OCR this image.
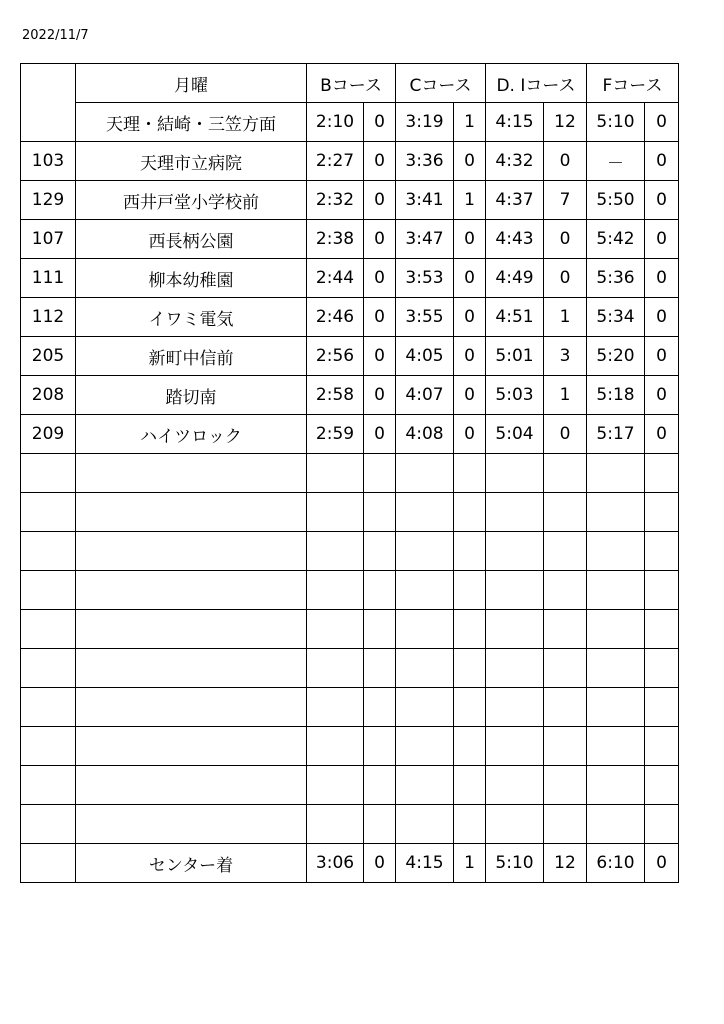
2022/11/7
	月曜	Bコース		Cコース		D. Iコース		Fコース	
	天理・結崎・三笠方面	2:10	0	3:19	1	4:15	12	5:10	0
103	天理市立病院	2:27	0	3:36	0	4:32	0	－	0
129	西井戸堂小学校前	2:32	0	3:41	1	4:37	7	5:50	0
107	西長柄公園	2:38	0	3:47	0	4:43	0	5:42	0
111	柳本幼稚園	2:44	0	3:53	0	4:49	0	5:36	0
112	イワミ電気	2:46	0	3:55	0	4:51	1	5:34	0
205	新町中信前	2:56	0	4:05	0	5:01	3	5:20	0
208	踏切南	2:58	0	4:07	0	5:03	1	5:18	0
209	ハイツロック	2:59	0	4:08	0	5:04	0	5:17	0

	センター着	3:06	0	4:15	1	5:10	12	6:10	0
